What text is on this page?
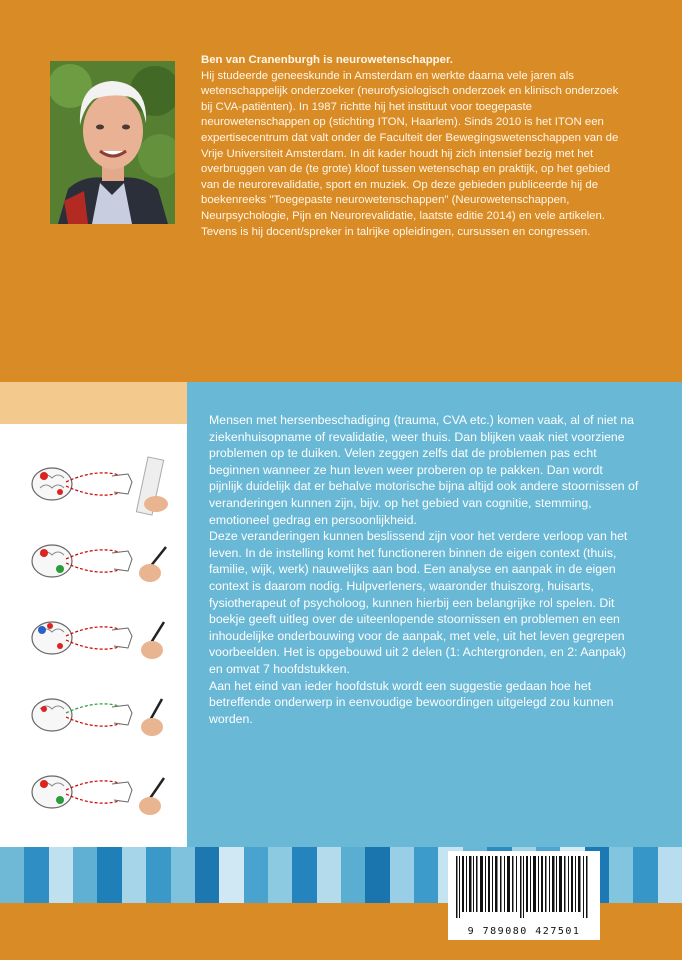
Ben van Cranenburgh is neurowetenschapper.
Hij studeerde geneeskunde in Amsterdam en werkte daarna vele jaren als wetenschappelijk onderzoeker (neurofysiologisch onderzoek en klinisch onderzoek bij CVA-patiënten). In 1987 richtte hij het instituut voor toegepaste neurowetenschappen op (stichting ITON, Haarlem). Sinds 2010 is het ITON een expertisecentrum dat valt onder de Faculteit der Bewegingswetenschappen van de Vrije Universiteit Amsterdam. In dit kader houdt hij zich intensief bezig met het overbruggen van de (te grote) kloof tussen wetenschap en praktijk, op het gebied van de neurorevalidatie, sport en muziek. Op deze gebieden publiceerde hij de boekenreeks "Toegepaste neurowetenschappen" (Neurowetenschappen, Neurpsychologie, Pijn en Neurorevalidatie, laatste editie 2014) en vele artikelen. Tevens is hij docent/spreker in talrijke opleidingen, cursussen en congressen.

Mensen met hersenbeschadiging (trauma, CVA etc.) komen vaak, al of niet na ziekenhuisopname of revalidatie, weer thuis. Dan blijken vaak niet voorziene problemen op te duiken. Velen zeggen zelfs dat de problemen pas echt beginnen wanneer ze hun leven weer proberen op te pakken. Dan wordt pijnlijk duidelijk dat er behalve motorische bijna altijd ook andere stoornissen of veranderingen kunnen zijn, bijv. op het gebied van cognitie, stemming, emotioneel gedrag en persoonlijkheid.

Deze veranderingen kunnen beslissend zijn voor het verdere verloop van het leven. In de instelling komt het functioneren binnen de eigen context (thuis, familie, wijk, werk) nauwelijks aan bod. Een analyse en aanpak in de eigen context is daarom nodig. Hulpverleners, waaronder thuiszorg, huisarts, fysiotherapeut of psycholoog, kunnen hierbij een belangrijke rol spelen. Dit boekje geeft uitleg over de uiteenlopende stoornissen en problemen en een inhoudelijke onderbouwing voor de aanpak, met vele, uit het leven gegrepen voorbeelden. Het is opgebouwd uit 2 delen (1: Achtergronden, en 2: Aanpak) en omvat 7 hoofdstukken.

Aan het eind van ieder hoofdstuk wordt een suggestie gedaan hoe het betreffende onderwerp in eenvoudige bewoordingen uitgelegd zou kunnen worden.

9 789080 427501
